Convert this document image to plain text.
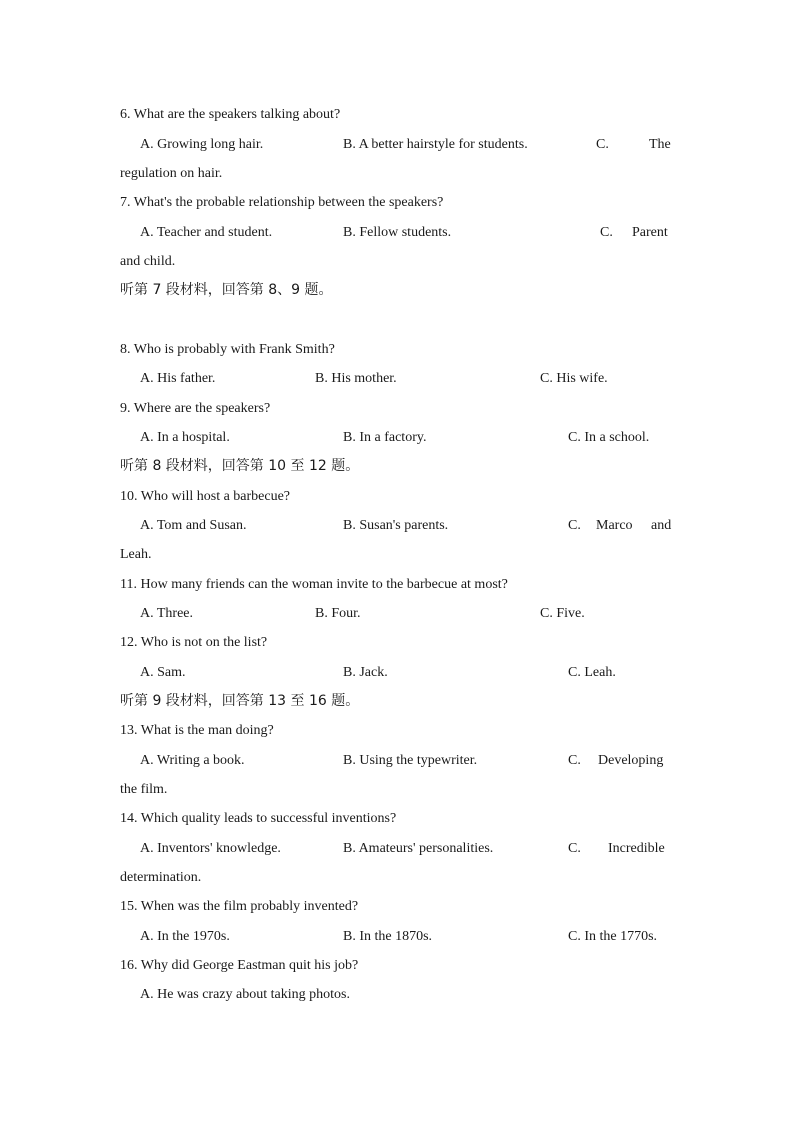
6. What are the speakers talking about?
A. Growing long hair.	B. A better hairstyle for students.	C.	The
regulation on hair.
7. What's the probable relationship between the speakers?
A. Teacher and student.	B. Fellow students.	C. Parent
and child.
听第 7 段材料，回答第 8、9 题。
8. Who is probably with Frank Smith?
A. His father.	B. His mother.	C. His wife.
9. Where are the speakers?
A. In a hospital.	B. In a factory.	C. In a school.
听第 8 段材料，回答第 10 至 12 题。
10. Who will host a barbecue?
A. Tom and Susan.	B. Susan's parents.	C. Marco and
Leah.
11. How many friends can the woman invite to the barbecue at most?
A. Three.	B. Four.	C. Five.
12. Who is not on the list?
A. Sam.	B. Jack.	C. Leah.
听第 9 段材料，回答第 13 至 16 题。
13. What is the man doing?
A. Writing a book.	B. Using the typewriter.	C. Developing
the film.
14. Which quality leads to successful inventions?
A. Inventors' knowledge.	B. Amateurs' personalities.	C. Incredible
determination.
15. When was the film probably invented?
A. In the 1970s.	B. In the 1870s.	C. In the 1770s.
16. Why did George Eastman quit his job?
A. He was crazy about taking photos.
